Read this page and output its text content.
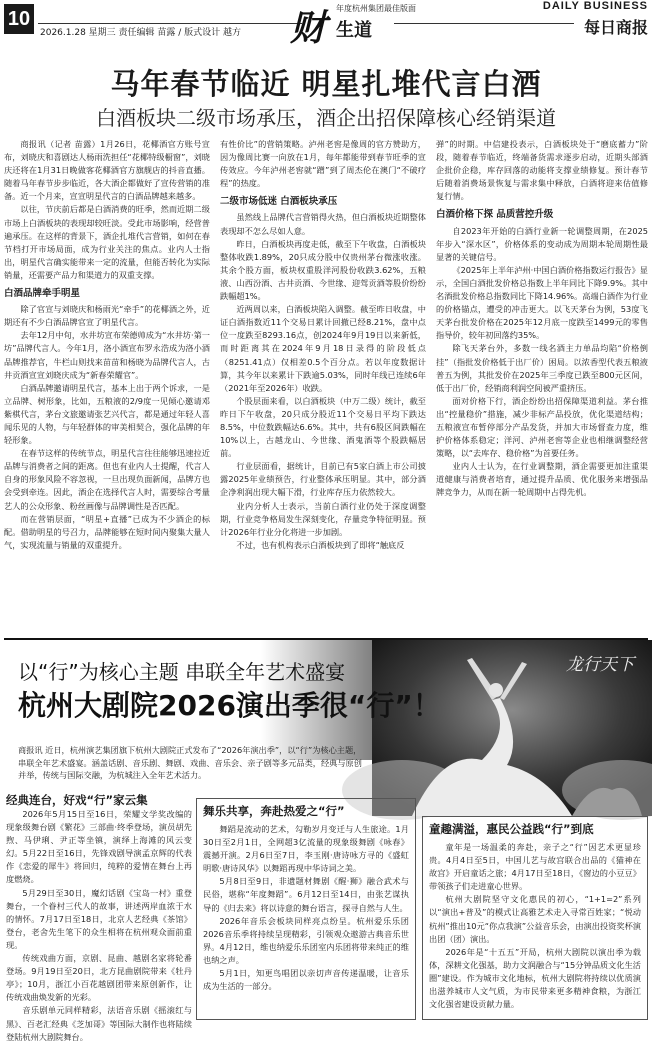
10
2026.1.28 星期三 责任编辑 苗露 / 版式设计 越方 财 年度杭州集团最佳版面
生道
DAILY BUSINESS
每日商报
马年春节临近 明星扎堆代言白酒
白酒板块二级市场承压，酒企出招保障核心经销渠道

商报讯（记者 苗露）1月26日，花椰酒官方账号宣布，刘晓庆和喜剧达人杨雨洗担任“花椰特级橱窗”，刘晓庆还将在1月31日晚做客花椰酒官方旗舰店的抖音直播。随着马年春节步步临近，各大酒企都做好了宣传营销的准备。近一个月来，宣宣明星代言的白酒品牌越来越多。

以往，节庆前后都是白酒消费的旺季，然而近期二级市场上白酒板块的表现却较旺淡。受此市场影响，经营普遍承压。在这样的背景下，酒企扎堆代言营销，如何在春节档打开市场局面，成为行业关注的焦点。业内人士指出，明星代言确实能带来一定的流量，但能否转化为实际销量，还需要产品力和渠道力的双重支撑。

白酒品牌牵手明星

除了官宣与刘晓庆和杨雨光“牵手”的花椰酒之外，近期还有不少白酒品牌官宣了明星代言。

去年12月中旬，水井坊宣布荣德帅成为“水井坊·第一坊”品牌代言人。今年1月，洛小酒宣布罗永浩成为洛小酒品牌推荐官，牛栏山则找来苗苗和杨晓为品牌代言人，古井贡酒宣宣刘晓庆成为“新春荣耀官”。

白酒品牌邀请明星代言，基本上出于两个诉求，一是立品牌、树形象，比如，五粮液的2/9度一见倾心邀请邓紫棋代言，茅台文旅邀请张艺兴代言，都是通过年轻人喜闻乐见的人物，与年轻群体的审美相契合，强化品牌的年轻形象。

在春节这样的传统节点，明星代言往往能够迅速拉近品牌与消费者之间的距离。但也有业内人士提醒，代言人自身的形象风险不容忽视，一旦出现负面新闻，品牌方也会受到牵连。因此，酒企在选择代言人时，需要综合考量艺人的公众形象、粉丝画像与品牌调性是否匹配。

而在营销层面，“明星+直播”已成为不少酒企的标配。借助明星的号召力，品牌能够在短时间内聚集大量人气，实现流量与销量的双重提升。

有性价比”的营销策略。泸州老窖是像周的官方赞助方，因为像周比赛一向放在1月，每年都能带到春节旺季的宣传效应。今年泸州老窖就“蹭”到了周杰伦在澳门“不破疗程”的热度。

二级市场低迷 白酒板块承压

虽然线上品牌代言营销得火热，但白酒板块近期整体表现却不怎么尽如人意。

昨日，白酒板块再度走低，截至下午收盘，白酒板块整体收跌1.89%，20只成分股中仅贵州茅台微涨收涨。其余个股方面，板块权重股洋河股份收跌3.62%，五粮液、山西汾酒、古井贡酒、今世缘、迎驾贡酒等股价纷纷跌幅超1%。

近两周以来，白酒板块陷入调整。截至昨日收盘，中证白酒指数近11个交易日累计回撤已经8.21%，盘中点位一度跌至8293.16点，创2024年9月19日以来新低，而时距离其在2024年9月18日录得的阶段低点（8251.41点）仅相差0.5个百分点。若以年度数据计算，其今年以来累计下跌逾5.03%，同时年线已连续6年（2021年至2026年）收跌。

个股层面来看，以白酒板块（中万二级）统计，截至昨日下午收盘，20只成分股近11个交易日平均下跌达8.5%，中位数跌幅达6.6%。其中，共有6股区间跌幅在10%以上，古越龙山、今世缘、酒鬼酒等个股跌幅居前。

行业层面看，据统计，目前已有5家白酒上市公司披露2025年业绩预告，行业整体承压明显。其中，部分酒企净利润出现大幅下滑，行业库存压力依然较大。

业内分析人士表示，当前白酒行业仍处于深度调整期，行业竞争格局发生深刻变化，存量竞争特征明显。预计2026年行业分化将进一步加剧。

不过，也有机构表示白酒板块到了即将“触底反

弹”的时期。中信建投表示，白酒板块处于“磨底蓄力”阶段，随着春节临近，终端备货需求逐步启动，近期头部酒企批价企稳，库存回落的动能将支撑业绩修复。预计春节后随着消费场景恢复与需求集中释放，白酒将迎来估值修复行情。

白酒价格下探 品质营控升级

自2023年开始的白酒行业新一轮调整周期，在2025年步入“深水区”，价格体系的变动成为周期本轮周期性最显著的关键信号。

《2025年上半年泸州·中国白酒价格指数运行报告》显示，全国白酒批发价格总指数上半年同比下降9.9%。其中名酒批发价格总指数同比下降14.96%。高端白酒作为行业的价格锚点，遭受的冲击更大。以飞天茅台为例，53度飞天茅台批发价格在2025年12月底一度跌至1499元的零售指导价，较年初回落约35%。

除飞天茅台外，多数一线名酒主力单品均陷“价格倒挂”（指批发价格低于出厂价）困局。以浓香型代表五粮液普五为例，其批发价在2025年三季度已跌至800元区间，低于出厂价，经销商利润空间被严重挤压。

面对价格下行，酒企纷纷出招保障渠道利益。茅台推出“控量稳价”措施，减少非标产品投放，优化渠道结构；五粮液宣布暂停部分产品发货，并加大市场督查力度，维护价格体系稳定；洋河、泸州老窖等企业也相继调整经营策略，以“去库存、稳价格”为首要任务。

业内人士认为，在行业调整期，酒企需要更加注重渠道健康与消费者培育，通过提升品质、优化服务来增强品牌竞争力，从而在新一轮周期中占得先机。

龙行天下
以“行”为核心主题 串联全年艺术盛宴
杭州大剧院2026演出季很“行”！
商报讯 近日，杭州演艺集团旗下杭州大剧院正式发布了“2026年演出季”，以“行”为核心主题，串联全年艺术盛宴。涵盖话剧、音乐剧、舞剧、戏曲、音乐会、亲子剧等多元品类，经典与原创并举，传统与国际交融，为杭城注入全年艺术活力。
经典连台，好戏“行”家云集

2026年5月15日至16日，荣耀文学奖改编的现象级舞台剧《繁花》三部曲·终季登场，演员胡先煦、马伊琍、尹正等坐镇，演绎上海滩的风云变幻。5月22日至16日，先锋戏剧导演孟京辉的代表作《恋爱的犀牛》将回归，纯粹的爱情在舞台上再度燃烧。

5月29日至30日，魔幻话剧《宝岛一村》重登舞台，一个眷村三代人的故事，讲述两岸血浓于水的情怀。7月17日至18日，北京人艺经典《茶馆》登台，老舍先生笔下的众生相将在杭州观众面前重现。

传统戏曲方面，京剧、昆曲、越剧名家将轮番登场。9月19日至20日，北方昆曲剧院带来《牡丹亭》；10月，浙江小百花越剧团带来原创新作，让传统戏曲焕发新的光彩。

音乐剧单元同样精彩，法语音乐剧《摇滚红与黑》、百老汇经典《芝加哥》等国际大制作也将陆续登陆杭州大剧院舞台。

舞乐共享，奔赴热爱之“行”

舞蹈是流动的艺术，勾勒岁月变迁与人生旅途。1月30日至2月1日，全网超3亿流量的现象级舞剧《咏春》震撼开演。2月6日至7日，李玉刚·唐诗咏方寻的《盛虹明歌·唐诗风华》以舞蹈再现中华诗词之美。

5月8日至9日，非遗题材舞剧《醒·狮》融合武术与民俗，堪称“年度舞蹈”。6月12日至14日，由张艺谋执导的《归去来》将以诗意的舞台语言，探寻自然与人生。

2026年音乐会板块同样亮点纷呈。杭州爱乐乐团2026音乐季将持续呈现精彩，引领观众遨游古典音乐世界。4月12日，维也纳爱乐乐团室内乐团将带来纯正的维也纳之声。

5月1日，知更鸟唱团以亲切声音传递温暖，让音乐成为生活的一部分。

童趣满溢，惠民公益践“行”到底

童年是一场温柔的奔赴，亲子之“行”因艺术更显珍贵。4月4日至5日，中国儿艺与故宫联合出品的《猫神在故宫》开启童话之旅；4月17日至18日，《窗边的小豆豆》带领孩子们走进童心世界。

杭州大剧院坚守文化惠民的初心，“1+1=2”系列以“演出+普及”的模式让高雅艺术走入寻常百姓家；“悦动杭州”推出10元“你点我演”公益音乐会，由演出投资奖杯演出团（团）演出。

2026年是“十五五”开局，杭州大剧院以演出季为载体，深耕文化强基，助力文润融合与“15分钟品质文化生活圈”建设。作为城市文化地标，杭州大剧院将持续以优质演出滋养城市人文气质，为市民带来更多精神食粮，为浙江文化强省建设贡献力量。
